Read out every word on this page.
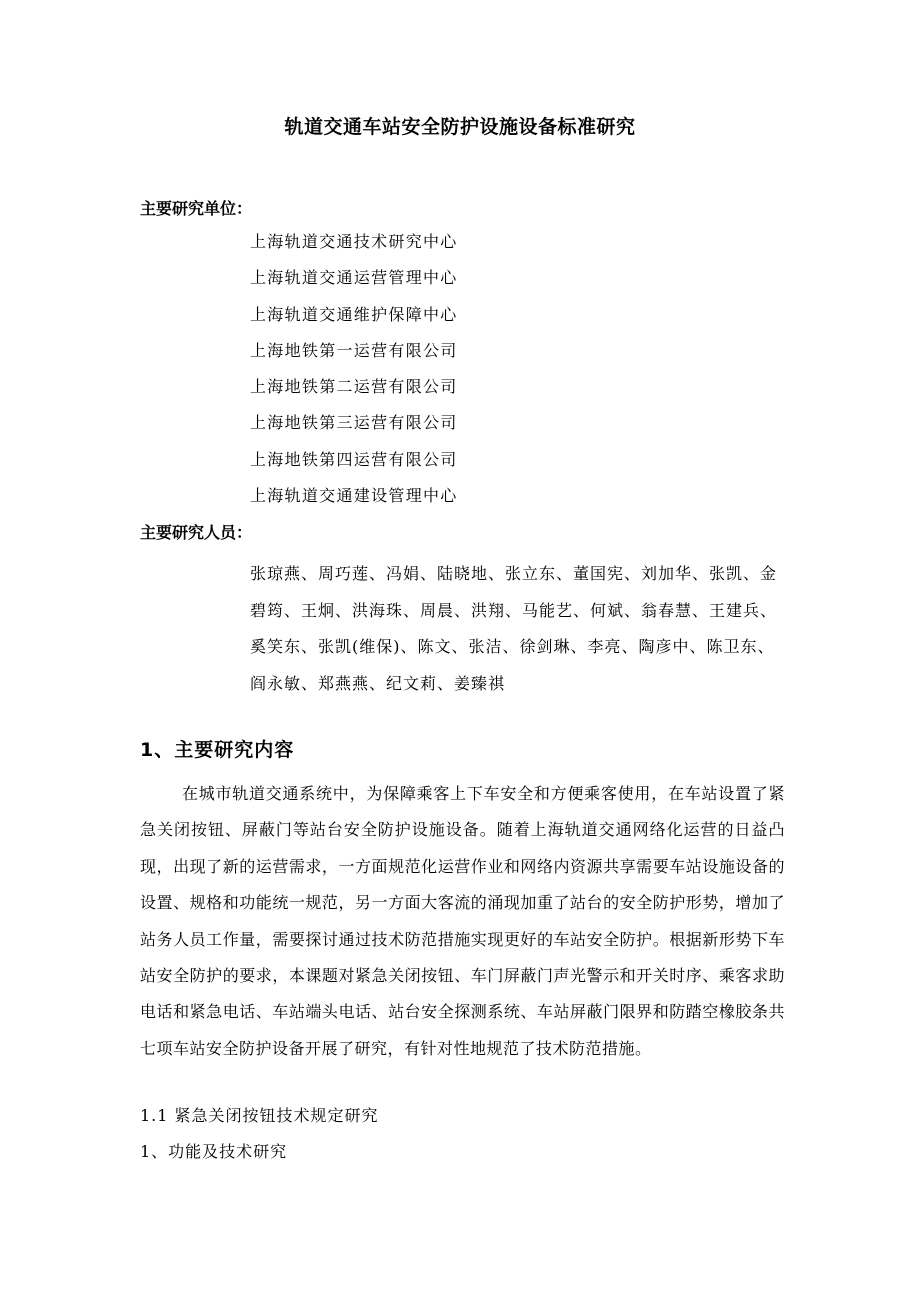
轨道交通车站安全防护设施设备标准研究
主要研究单位：
上海轨道交通技术研究中心
上海轨道交通运营管理中心
上海轨道交通维护保障中心
上海地铁第一运营有限公司
上海地铁第二运营有限公司
上海地铁第三运营有限公司
上海地铁第四运营有限公司
上海轨道交通建设管理中心
主要研究人员：

张琼燕、周巧莲、冯娟、陆晓地、张立东、董国宪、刘加华、张凯、金碧筠、王炯、洪海珠、周晨、洪翔、马能艺、何斌、翁春慧、王建兵、奚笑东、张凯(维保)、陈文、张洁、徐剑琳、李亮、陶彦中、陈卫东、阎永敏、郑燕燕、纪文莉、姜臻祺

1、主要研究内容

在城市轨道交通系统中，为保障乘客上下车安全和方便乘客使用，在车站设置了紧急关闭按钮、屏蔽门等站台安全防护设施设备。随着上海轨道交通网络化运营的日益凸现，出现了新的运营需求，一方面规范化运营作业和网络内资源共享需要车站设施设备的设置、规格和功能统一规范，另一方面大客流的涌现加重了站台的安全防护形势，增加了站务人员工作量，需要探讨通过技术防范措施实现更好的车站安全防护。根据新形势下车站安全防护的要求，本课题对紧急关闭按钮、车门屏蔽门声光警示和开关时序、乘客求助电话和紧急电话、车站端头电话、站台安全探测系统、车站屏蔽门限界和防踏空橡胶条共七项车站安全防护设备开展了研究，有针对性地规范了技术防范措施。

1.1 紧急关闭按钮技术规定研究
1、功能及技术研究
